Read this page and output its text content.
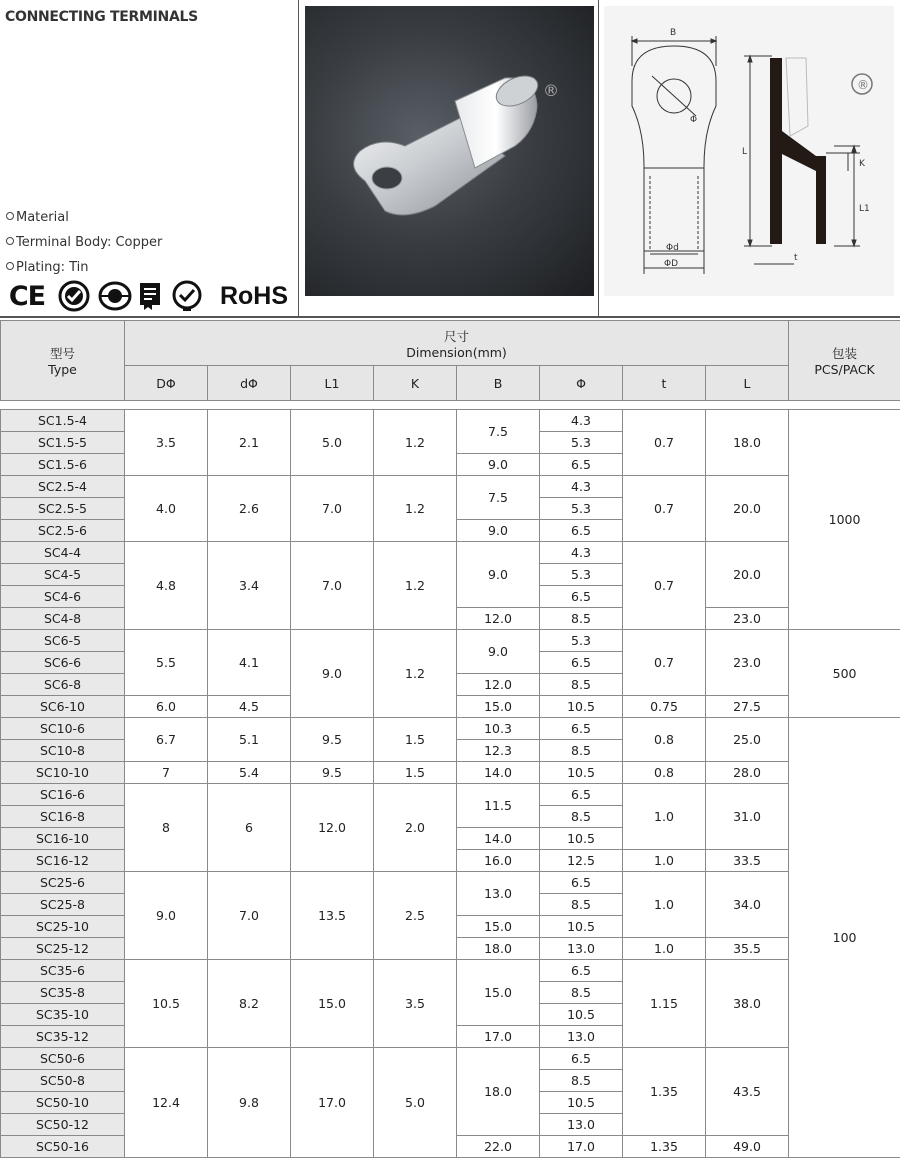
CONNECTING TERMINALS
Material
Terminal Body: Copper
Plating: Tin
CE	RoHS
®	®
B
Φ
L
K
L1
Φd
ΦD
t
型号
Type	尺寸
Dimension(mm)								包装
PCS/PACK
	DΦ	dΦ	L1	K	B	Φ	t	L	

SC1.5-4	3.5	2.1	5.0	1.2	7.5	4.3	0.7	18.0	1000
SC1.5-5						5.3			
SC1.5-6					9.0	6.5			
SC2.5-4	4.0	2.6	7.0	1.2	7.5	4.3	0.7	20.0	
SC2.5-5						5.3			
SC2.5-6					9.0	6.5			
SC4-4	4.8	3.4	7.0	1.2	9.0	4.3	0.7	20.0	
SC4-5						5.3			
SC4-6						6.5			
SC4-8					12.0	8.5		23.0	
SC6-5	5.5	4.1	9.0	1.2	9.0	5.3	0.7	23.0	500
SC6-6						6.5			
SC6-8					12.0	8.5			
SC6-10	6.0	4.5			15.0	10.5	0.75	27.5	
SC10-6	6.7	5.1	9.5	1.5	10.3	6.5	0.8	25.0	100
SC10-8					12.3	8.5			
SC10-10	7	5.4	9.5	1.5	14.0	10.5	0.8	28.0	
SC16-6	8	6	12.0	2.0	11.5	6.5	1.0	31.0	
SC16-8						8.5			
SC16-10					14.0	10.5			
SC16-12					16.0	12.5	1.0	33.5	
SC25-6	9.0	7.0	13.5	2.5	13.0	6.5	1.0	34.0	
SC25-8						8.5			
SC25-10					15.0	10.5			
SC25-12					18.0	13.0	1.0	35.5	
SC35-6	10.5	8.2	15.0	3.5	15.0	6.5	1.15	38.0	
SC35-8						8.5			
SC35-10						10.5			
SC35-12					17.0	13.0			
SC50-6	12.4	9.8	17.0	5.0	18.0	6.5	1.35	43.5	
SC50-8						8.5			
SC50-10						10.5			
SC50-12						13.0			
SC50-16					22.0	17.0	1.35	49.0	
